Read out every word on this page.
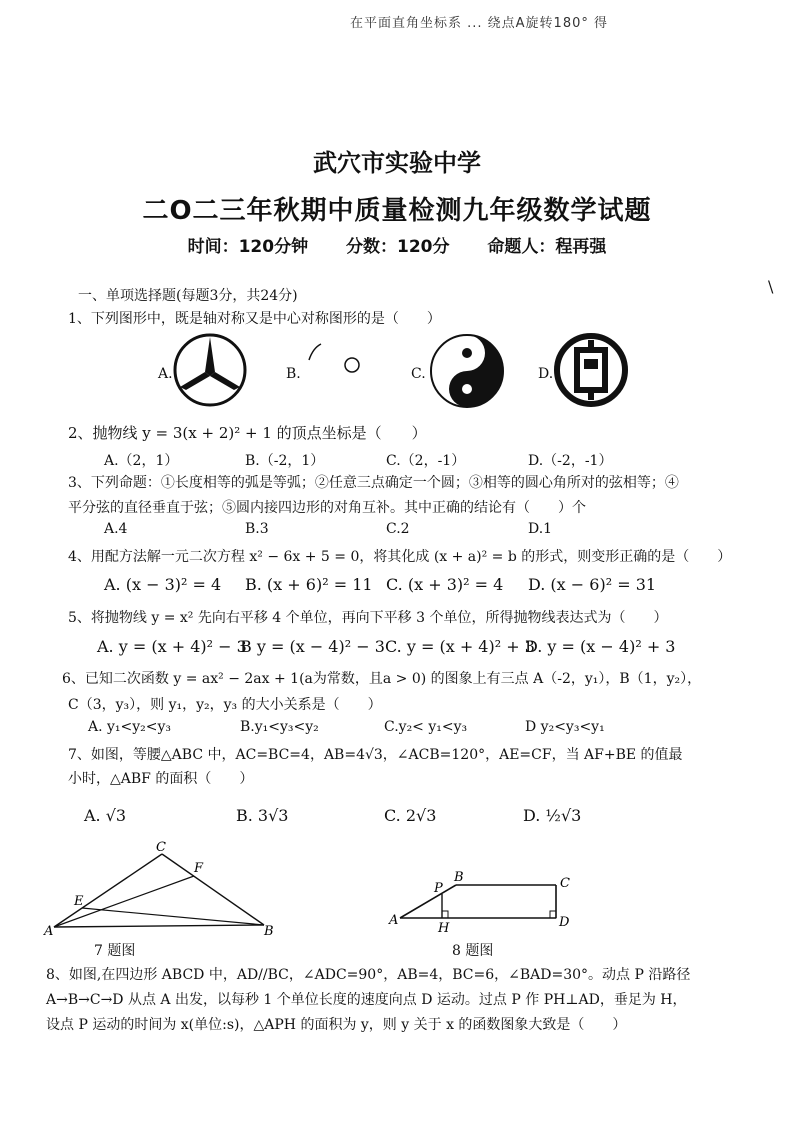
在平面直角坐标系 ... 绕点A旋转180° 得
武穴市实验中学
二O二三年秋期中质量检测九年级数学试题
时间：120分钟 分数：120分 命题人：程再强
\
一、单项选择题(每题3分，共24分)
1、下列图形中，既是轴对称又是中心对称图形的是（　　）
A.	B.	C.	D.
2、抛物线 y = 3(x + 2)² + 1 的顶点坐标是（　　）
A.（2，1）	B.（-2，1）	C.（2，-1）	D.（-2，-1）
3、下列命题：①长度相等的弧是等弧；②任意三点确定一个圆；③相等的圆心角所对的弦相等；④
平分弦的直径垂直于弦；⑤圆内接四边形的对角互补。其中正确的结论有（　　）个
A.4	B.3	C.2	D.1
4、用配方法解一元二次方程 x² − 6x + 5 = 0，将其化成 (x + a)² = b 的形式，则变形正确的是（　　）
A. (x − 3)² = 4 B. (x + 6)² = 11 C. (x + 3)² = 4 D. (x − 6)² = 31
5、将抛物线 y = x² 先向右平移 4 个单位，再向下平移 3 个单位，所得抛物线表达式为（　　）
A. y = (x + 4)² − 3
B y = (x − 4)² − 3 C. y = (x + 4)² + 3
D. y = (x − 4)² + 3
6、已知二次函数 y = ax² − 2ax + 1(a为常数，且a > 0) 的图象上有三点 A（-2，y₁），B（1，y₂），
C（3，y₃），则 y₁，y₂，y₃ 的大小关系是（　　）
A. y₁<y₂<y₃	B.y₁<y₃<y₂	C.y₂< y₁<y₃	D y₂<y₃<y₁
7、如图，等腰△ABC 中，AC=BC=4，AB=4√3，∠ACB=120°，AE=CF，当 AF+BE 的值最
小时，△ABF 的面积（　　）
A. √3	B. 3√3	C. 2√3	D. ½√3
C
F
E
A	B
7 题图
P
B	C
A
H	D
8 题图
8、如图,在四边形 ABCD 中，AD//BC，∠ADC=90°，AB=4，BC=6，∠BAD=30°。动点 P 沿路径
A→B→C→D 从点 A 出发，以每秒 1 个单位长度的速度向点 D 运动。过点 P 作 PH⊥AD，垂足为 H，
设点 P 运动的时间为 x(单位:s)，△APH 的面积为 y，则 y 关于 x 的函数图象大致是（　　）
